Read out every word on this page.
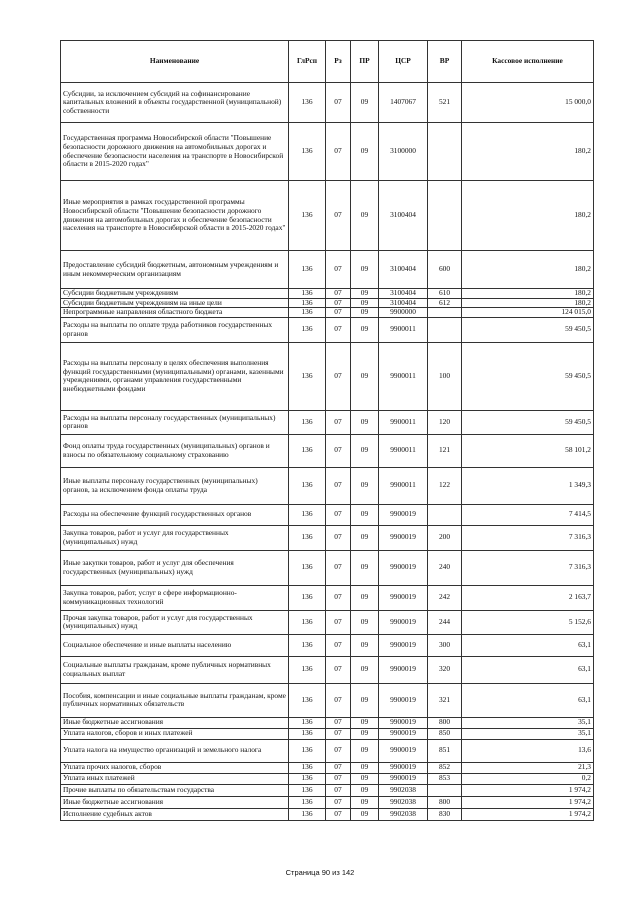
Наименование	ГлРсп	Рз	ПР	ЦСР	ВР	Кассовое исполнение
Субсидии, за исключением субсидий на софинансирование капитальных вложений в объекты государственной (муниципальной) собственности	136	07	09	1407067	521	15 000,0
Государственная программа Новосибирской области "Повышение безопасности дорожного движения на автомобильных дорогах и обеспечение безопасности населения на транспорте в Новосибирской области в 2015-2020 годах"	136	07	09	3100000		180,2
Иные мероприятия в рамках государственной программы Новосибирской области "Повышение безопасности дорожного движения на автомобильных дорогах и обеспечение безопасности населения на транспорте в Новосибирской области в 2015-2020 годах"	136	07	09	3100404		180,2
Предоставление субсидий бюджетным, автономным учреждениям и иным некоммерческим организациям	136	07	09	3100404	600	180,2
Субсидии бюджетным учреждениям	136	07	09	3100404	610	180,2
Субсидии бюджетным учреждениям на иные цели	136	07	09	3100404	612	180,2
Непрограммные направления областного бюджета	136	07	09	9900000		124 015,0
Расходы на выплаты по оплате труда работников государственных органов	136	07	09	9900011		59 450,5
Расходы на выплаты персоналу в целях обеспечения выполнения функций государственными (муниципальными) органами, казенными учреждениями, органами управления государственными внебюджетными фондами	136	07	09	9900011	100	59 450,5
Расходы на выплаты персоналу государственных (муниципальных) органов	136	07	09	9900011	120	59 450,5
Фонд оплаты труда государственных (муниципальных) органов и взносы по обязательному социальному страхованию	136	07	09	9900011	121	58 101,2
Иные выплаты персоналу государственных (муниципальных) органов, за исключением фонда оплаты труда	136	07	09	9900011	122	1 349,3
Расходы на обеспечение функций государственных органов	136	07	09	9900019		7 414,5
Закупка товаров, работ и услуг для государственных (муниципальных) нужд	136	07	09	9900019	200	7 316,3
Иные закупки товаров, работ и услуг для обеспечения государственных (муниципальных) нужд	136	07	09	9900019	240	7 316,3
Закупка товаров, работ, услуг в сфере информационно-коммуникационных технологий	136	07	09	9900019	242	2 163,7
Прочая закупка товаров, работ и услуг для государственных (муниципальных) нужд	136	07	09	9900019	244	5 152,6
Социальное обеспечение и иные выплаты населению	136	07	09	9900019	300	63,1
Социальные выплаты гражданам, кроме публичных нормативных социальных выплат	136	07	09	9900019	320	63,1
Пособия, компенсации и иные социальные выплаты гражданам, кроме публичных нормативных обязательств	136	07	09	9900019	321	63,1
Иные бюджетные ассигнования	136	07	09	9900019	800	35,1
Уплата налогов, сборов и иных платежей	136	07	09	9900019	850	35,1
Уплата налога на имущество организаций и земельного налога	136	07	09	9900019	851	13,6
Уплата прочих налогов, сборов	136	07	09	9900019	852	21,3
Уплата иных платежей	136	07	09	9900019	853	0,2
Прочие выплаты по обязательствам государства	136	07	09	9902038		1 974,2
Иные бюджетные ассигнования	136	07	09	9902038	800	1 974,2
Исполнение судебных актов	136	07	09	9902038	830	1 974,2
Страница 90 из 142
